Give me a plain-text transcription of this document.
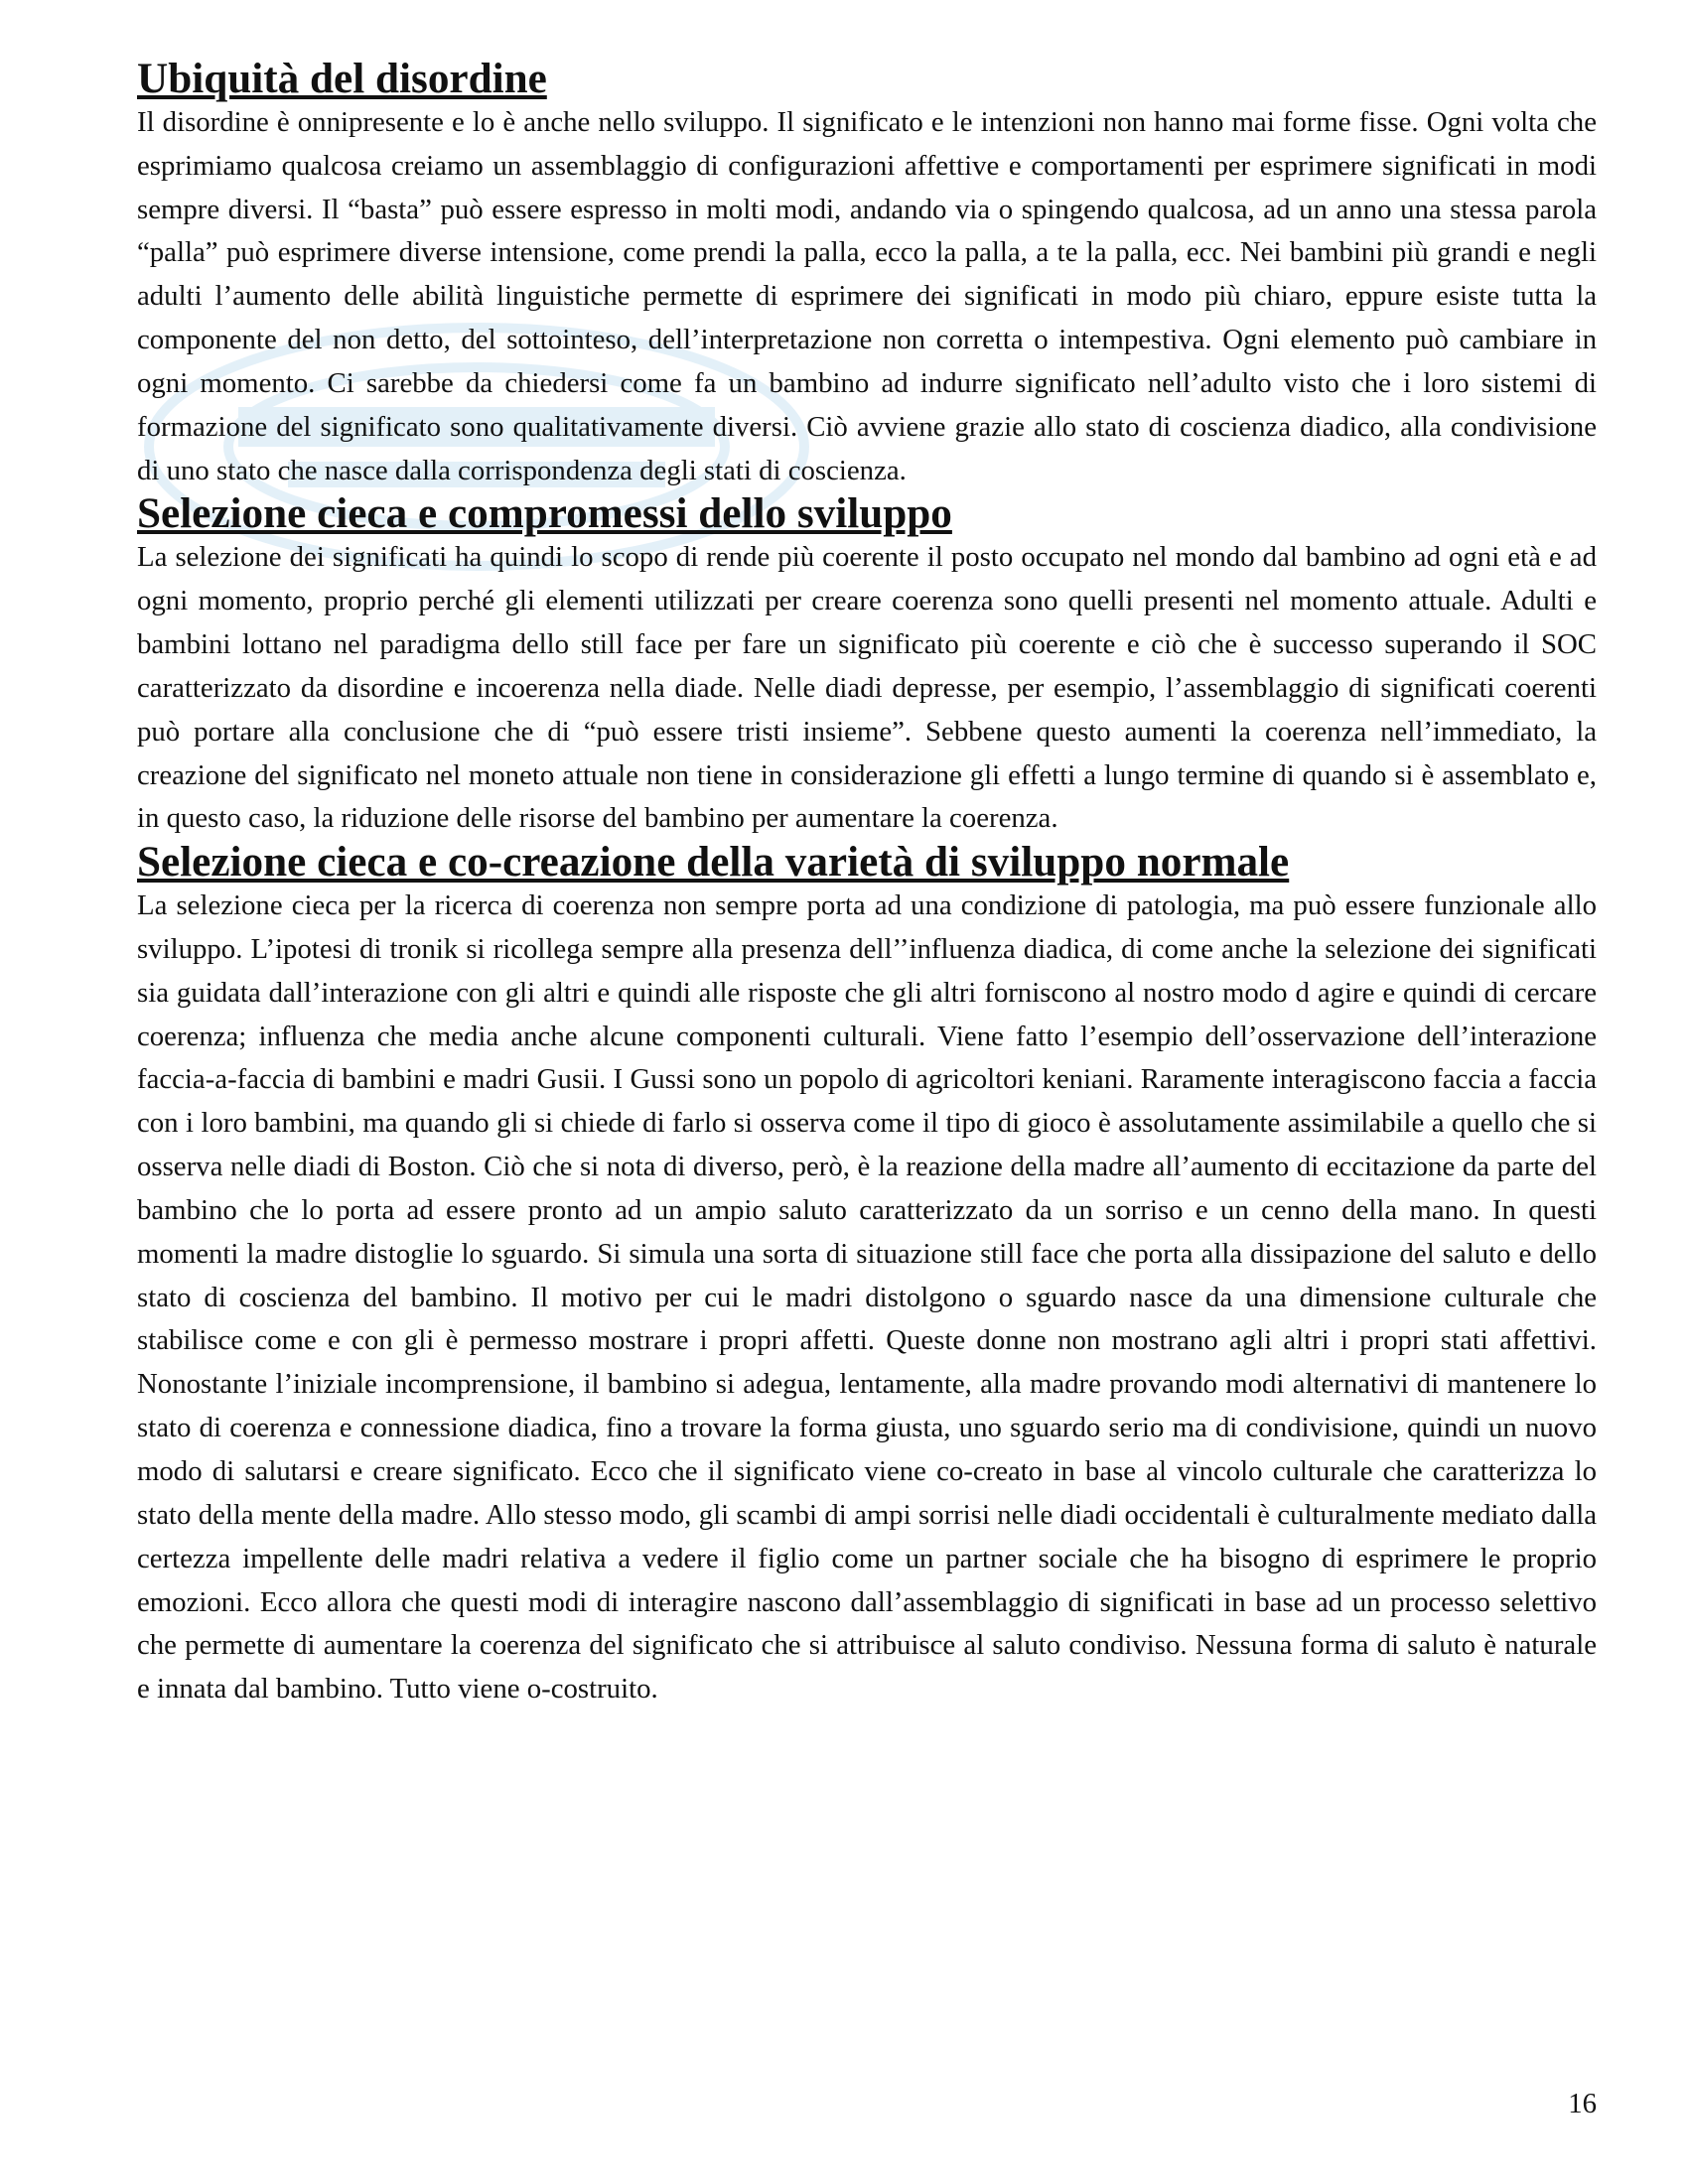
Ubiquità del disordine

Il disordine è onnipresente e lo è anche nello sviluppo. Il significato e le intenzioni non hanno mai forme fisse. Ogni volta che esprimiamo qualcosa creiamo un assemblaggio di configurazioni affettive e comportamenti per esprimere significati in modi sempre diversi. Il “basta” può essere espresso in molti modi, andando via o spingendo qualcosa, ad un anno una stessa parola “palla” può esprimere diverse intensione, come prendi la palla, ecco la palla, a te la palla, ecc. Nei bambini più grandi e negli adulti l’aumento delle abilità linguistiche permette di esprimere dei significati in modo più chiaro, eppure esiste tutta la componente del non detto, del sottointeso, dell’interpretazione non corretta o intempestiva. Ogni elemento può cambiare in ogni momento. Ci sarebbe da chiedersi come fa un bambino ad indurre significato nell’adulto visto che i loro sistemi di formazione del significato sono qualitativamente diversi. Ciò avviene grazie allo stato di coscienza diadico, alla condivisione di uno stato che nasce dalla corrispondenza degli stati di coscienza.

Selezione cieca e compromessi dello sviluppo

La selezione dei significati ha quindi lo scopo di rende più coerente il posto occupato nel mondo dal bambino ad ogni età e ad ogni momento, proprio perché gli elementi utilizzati per creare coerenza sono quelli presenti nel momento attuale. Adulti e bambini lottano nel paradigma dello still face per fare un significato più coerente e ciò che è successo superando il SOC caratterizzato da disordine e incoerenza nella diade. Nelle diadi depresse, per esempio, l’assemblaggio di significati coerenti può portare alla conclusione che di “può essere tristi insieme”. Sebbene questo aumenti la coerenza nell’immediato, la creazione del significato nel moneto attuale non tiene in considerazione gli effetti a lungo termine di quando si è assemblato e, in questo caso, la riduzione delle risorse del bambino per aumentare la coerenza.

Selezione cieca e co-creazione della varietà di sviluppo normale

La selezione cieca per la ricerca di coerenza non sempre porta ad una condizione di patologia, ma può essere funzionale allo sviluppo. L’ipotesi di tronik si ricollega sempre alla presenza dell’’influenza diadica, di come anche la selezione dei significati sia guidata dall’interazione con gli altri e quindi alle risposte che gli altri forniscono al nostro modo d agire e quindi di cercare coerenza; influenza che media anche alcune componenti culturali. Viene fatto l’esempio dell’osservazione dell’interazione faccia-a-faccia di bambini e madri Gusii. I Gussi sono un popolo di agricoltori keniani. Raramente interagiscono faccia a faccia con i loro bambini, ma quando gli si chiede di farlo si osserva come il tipo di gioco è assolutamente assimilabile a quello che si osserva nelle diadi di Boston. Ciò che si nota di diverso, però, è la reazione della madre all’aumento di eccitazione da parte del bambino che lo porta ad essere pronto ad un ampio saluto caratterizzato da un sorriso e un cenno della mano. In questi momenti la madre distoglie lo sguardo. Si simula una sorta di situazione still face che porta alla dissipazione del saluto e dello stato di coscienza del bambino. Il motivo per cui le madri distolgono o sguardo nasce da una dimensione culturale che stabilisce come e con gli è permesso mostrare i propri affetti. Queste donne non mostrano agli altri i propri stati affettivi. Nonostante l’iniziale incomprensione, il bambino si adegua, lentamente, alla madre provando modi alternativi di mantenere lo stato di coerenza e connessione diadica, fino a trovare la forma giusta, uno sguardo serio ma di condivisione, quindi un nuovo modo di salutarsi e creare significato. Ecco che il significato viene co-creato in base al vincolo culturale che caratterizza lo stato della mente della madre. Allo stesso modo, gli scambi di ampi sorrisi nelle diadi occidentali è culturalmente mediato dalla certezza impellente delle madri relativa a vedere il figlio come un partner sociale che ha bisogno di esprimere le proprio emozioni. Ecco allora che questi modi di interagire nascono dall’assemblaggio di significati in base ad un processo selettivo che permette di aumentare la coerenza del significato che si attribuisce al saluto condiviso. Nessuna forma di saluto è naturale e innata dal bambino. Tutto viene o-costruito.

16
